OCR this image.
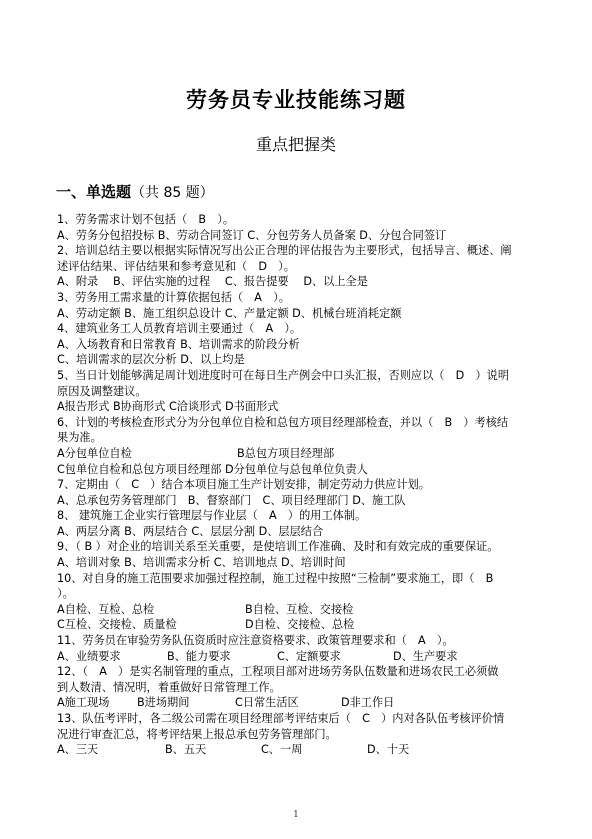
劳务员专业技能练习题
重点把握类
一、单选题（共 85 题）
1、劳务需求计划不包括（　B　）。
A、劳务分包招投标 B、劳动合同签订 C、分包劳务人员备案 D、分包合同签订
2、培训总结主要以根据实际情况写出公正合理的评估报告为主要形式，包括导言、概述、阐
述评估结果、评估结果和参考意见和（　D　）。
A、附录　 B、评估实施的过程　 C、报告提要　 D、以上全是
3、劳务用工需求量的计算依据包括（　A　）。
A、劳动定额 B、施工组织总设计 C、产量定额 D、机械台班消耗定额
4、建筑业务工人员教育培训主要通过（　A　）。
A、入场教育和日常教育 B、培训需求的阶段分析
C、培训需求的层次分析 D、以上均是
5、当日计划能够满足周计划进度时可在每日生产例会中口头汇报，否则应以（　D　）说明
原因及调整建议。
A报告形式 B协商形式 C洽谈形式 D书面形式
6、计划的考核检查形式分为分包单位自检和总包方项目经理部检查，并以（　B　）考核结
果为准。
A分包单位自检	B总包方项目经理部
C包单位自检和总包方项目经理部 D分包单位与总包单位负责人
7、定期由（　C　）结合本项目施工生产计划安排，制定劳动力供应计划。
A、总承包劳务管理部门　B、督察部门　C、项目经理部门 D、施工队
8、 建筑施工企业实行管理层与作业层（　A　）的用工体制。
A、两层分离 B、两层结合 C、层层分割 D、层层结合
9、（ B ）对企业的培训关系至关重要，是使培训工作准确、及时和有效完成的重要保证。
A、培训对象 B、培训需求分析 C、培训地点 D、培训时间
10、对自身的施工范围要求加强过程控制，施工过程中按照“三检制”要求施工，即（　B
）。
A自检、互检、总检	B自检、互检、交接检
C互检、交接检、质量检	D自检、交接检、总检
11、劳务员在审验劳务队伍资质时应注意资格要求、政策管理要求和（　A　）。
A、业绩要求	B、能力要求	C、定额要求	D、生产要求
12、（　A　）是实名制管理的重点，工程项目部对进场劳务队伍数量和进场农民工必须做
到人数清、情况明，着重做好日常管理工作。
A施工现场 B进场期间	C日常生活区	D非工作日
13、队伍考评时，各二级公司需在项目经理部考评结束后（　C　）内对各队伍考核评价情
况进行审查汇总，将考评结果上报总承包劳务管理部门。
A、三天	B、五天	C、一周	D、十天
1
